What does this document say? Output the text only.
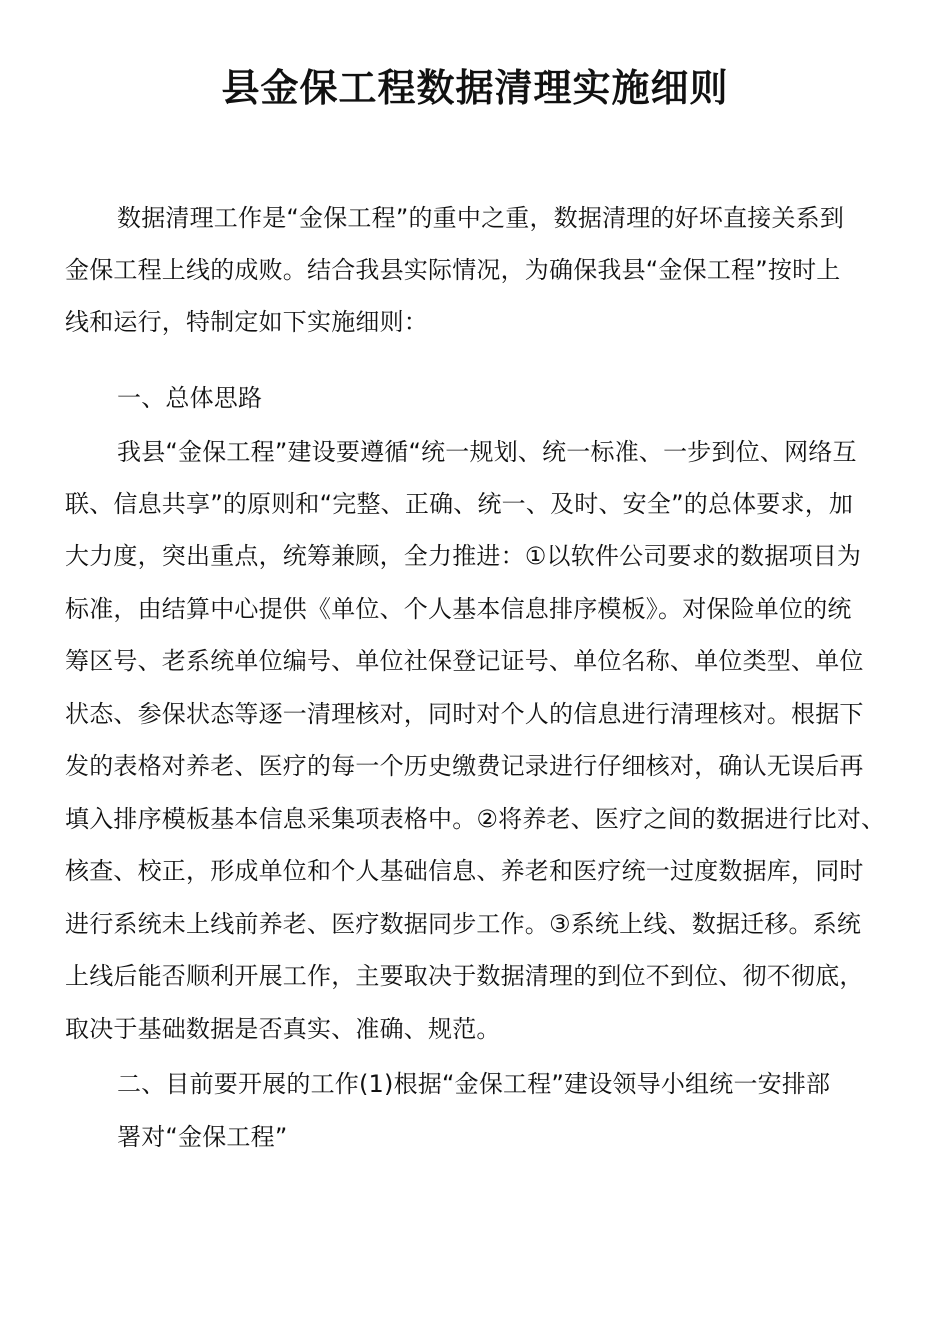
县金保工程数据清理实施细则
数据清理工作是“金保工程”的重中之重，数据清理的好坏直接关系到
金保工程上线的成败。结合我县实际情况，为确保我县“金保工程”按时上
线和运行，特制定如下实施细则：
一、总体思路
我县“金保工程”建设要遵循“统一规划、统一标准、一步到位、网络互
联、信息共享”的原则和“完整、正确、统一、及时、安全”的总体要求，加
大力度，突出重点，统筹兼顾，全力推进：①以软件公司要求的数据项目为
标准，由结算中心提供《单位、个人基本信息排序模板》。对保险单位的统
筹区号、老系统单位编号、单位社保登记证号、单位名称、单位类型、单位
状态、参保状态等逐一清理核对，同时对个人的信息进行清理核对。根据下
发的表格对养老、医疗的每一个历史缴费记录进行仔细核对，确认无误后再
填入排序模板基本信息采集项表格中。②将养老、医疗之间的数据进行比对、
核查、校正，形成单位和个人基础信息、养老和医疗统一过度数据库，同时
进行系统未上线前养老、医疗数据同步工作。③系统上线、数据迁移。系统
上线后能否顺利开展工作，主要取决于数据清理的到位不到位、彻不彻底，
取决于基础数据是否真实、准确、规范。
二、目前要开展的工作(1)根据“金保工程”建设领导小组统一安排部
署对“金保工程”
